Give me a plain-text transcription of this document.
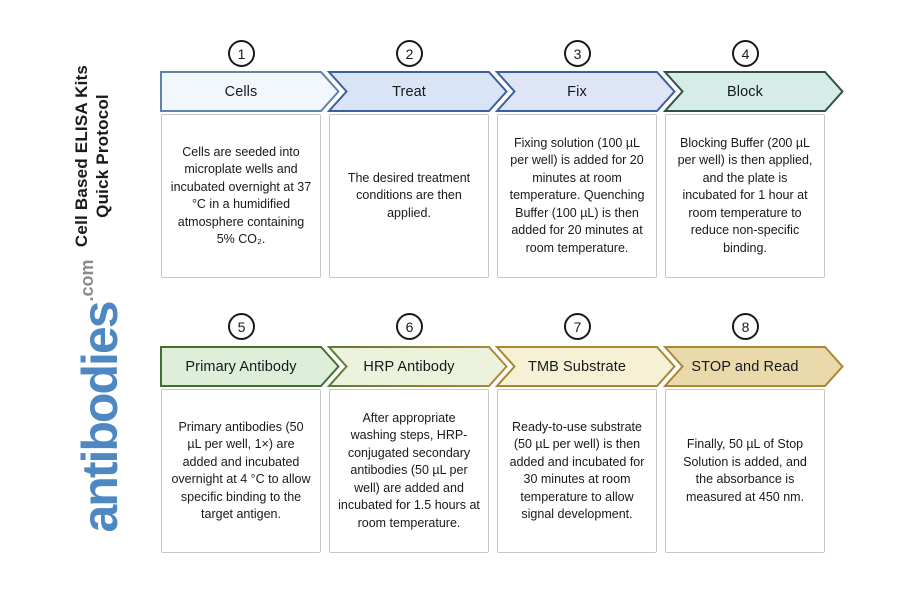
Cell Based ELISA Kits Quick Protocol
antibodies.com
1	2	3	4
Cells	Treat	Fix	Block

Cells are seeded into microplate wells and incubated overnight at 37 °C in a humidified atmosphere containing 5% CO₂.

The desired treatment conditions are then applied.

Fixing solution (100 µL per well) is added for 20 minutes at room temperature. Quenching Buffer (100 µL) is then added for 20 minutes at room temperature.

Blocking Buffer (200 µL per well) is then applied, and the plate is incubated for 1 hour at room temperature to reduce non-specific binding.

5	6	7	8
Primary Antibody	HRP Antibody	TMB Substrate	STOP and Read

Primary antibodies (50 µL per well, 1×) are added and incubated overnight at 4 °C to allow specific binding to the target antigen.

After appropriate washing steps, HRP-conjugated secondary antibodies (50 µL per well) are added and incubated for 1.5 hours at room temperature.

Ready-to-use substrate (50 µL per well) is then added and incubated for 30 minutes at room temperature to allow signal development.

Finally, 50 µL of Stop Solution is added, and the absorbance is measured at 450 nm.
